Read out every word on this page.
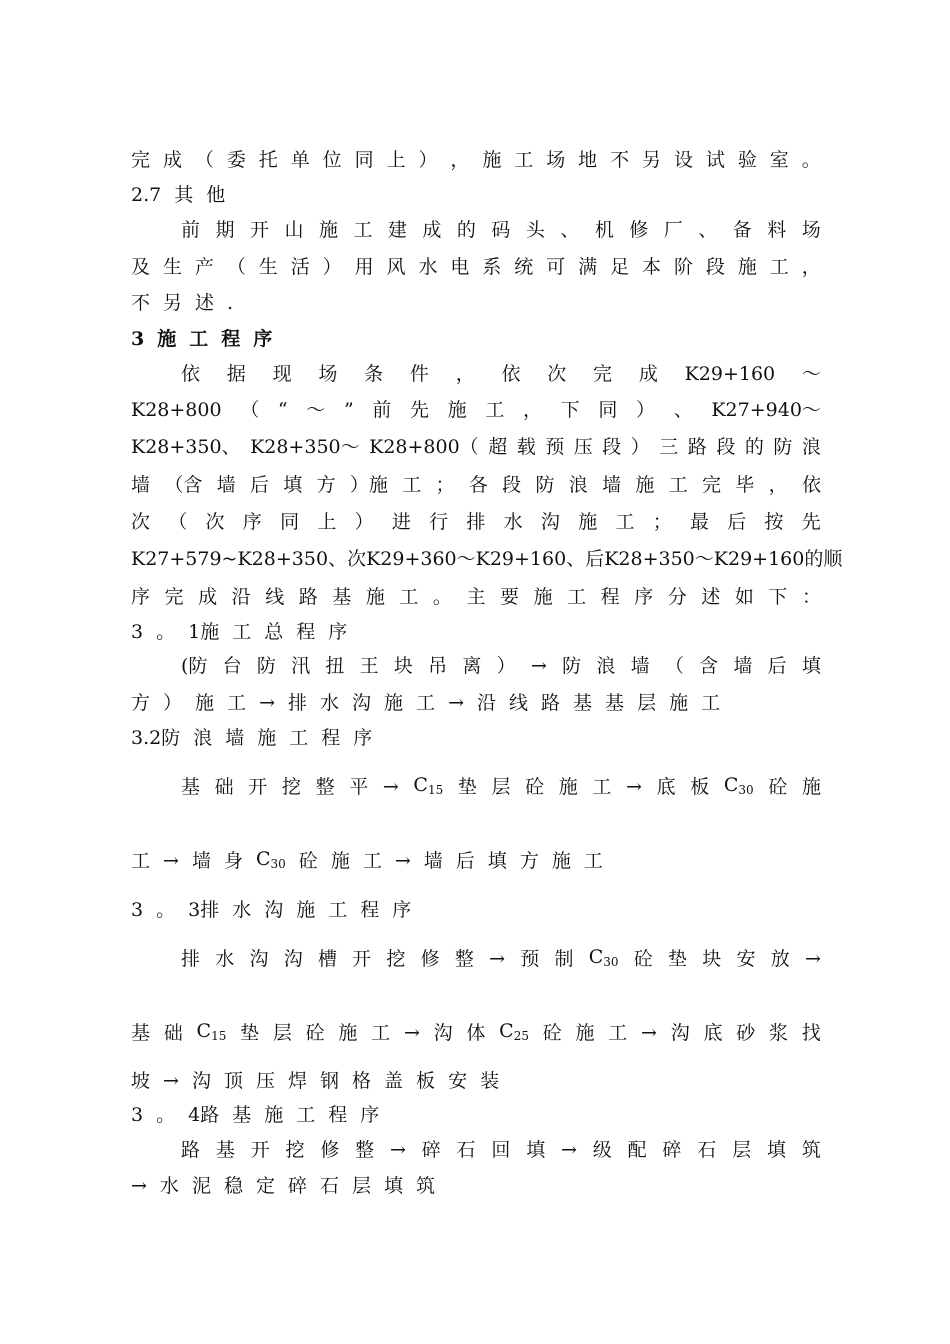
完 成 （ 委 托 单 位 同 上 ） ， 施 工 场 地 不 另 设 试 验 室 。
2.7 其 他
前 期 开 山 施 工 建 成 的 码 头 、 机 修 厂 、 备 料 场
及 生 产 （ 生 活 ） 用 风 水 电 系 统 可 满 足 本 阶 段 施 工 ，
不 另 述 .
3 施 工 程 序
依 据 现 场 条 件 ， 依 次 完 成 K29+160 ～
K28+800 （ “ ～ ” 前 先 施 工 ， 下 同 ） 、 K27+940～
K28+350、 K28+350～ K28+800（ 超 载 预 压 段 ） 三 路 段 的 防 浪
墙 （含 墙 后 填 方 ）施 工 ； 各 段 防 浪 墙 施 工 完 毕 ， 依
次 （ 次 序 同 上 ） 进 行 排 水 沟 施 工 ； 最 后 按 先
K27+579~K28+350 、 次 K29+360～ K29+160、 后 K28+350～ K29+160的 顺
序 完 成 沿 线 路 基 施 工 。 主 要 施 工 程 序 分 述 如 下 ：
3 。 1施 工 总 程 序
(防 台 防 汛 扭 王 块 吊 离 ） → 防 浪 墙 （ 含 墙 后 填
方 ） 施 工 → 排 水 沟 施 工 → 沿 线 路 基 基 层 施 工
3.2防 浪 墙 施 工 程 序
基 础 开 挖 整 平 → $C_{15}$ 垫 层 砼 施 工 → 底 板 $C_{30}$ 砼 施
工 → 墙 身 $C_{30}$ 砼 施 工 → 墙 后 填 方 施 工
3 。 3排 水 沟 施 工 程 序
排 水 沟 沟 槽 开 挖 修 整 → 预 制 $C_{30}$ 砼 垫 块 安 放 →
基 础 $C_{15}$ 垫 层 砼 施 工 → 沟 体 $C_{25}$ 砼 施 工 → 沟 底 砂 浆 找
坡 → 沟 顶 压 焊 钢 格 盖 板 安 装
3 。 4路 基 施 工 程 序
路 基 开 挖 修 整 → 碎 石 回 填 → 级 配 碎 石 层 填 筑
→ 水 泥 稳 定 碎 石 层 填 筑
